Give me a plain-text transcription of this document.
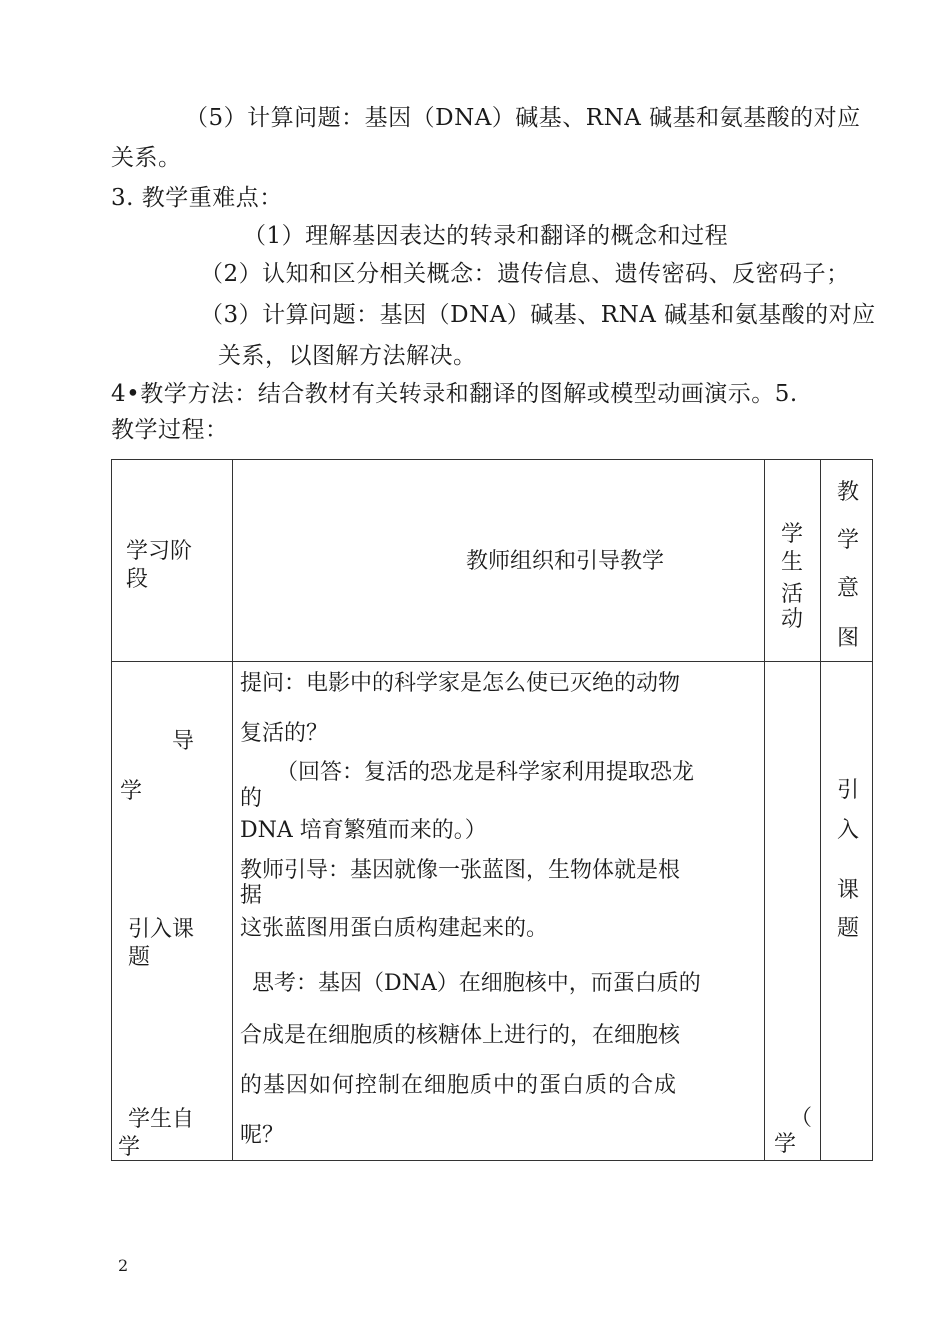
（5）计算问题：基因（DNA）碱基、RNA 碱基和氨基酸的对应
关系。
3. 教学重难点：
（1）理解基因表达的转录和翻译的概念和过程
（2）认知和区分相关概念：遗传信息、遗传密码、反密码子；
（3）计算问题：基因（DNA）碱基、RNA 碱基和氨基酸的对应
关系，以图解方法解决。
4•教学方法：结合教材有关转录和翻译的图解或模型动画演示。5.
教学过程：
学习阶
段
教师组织和引导教学
学
生
活
动
教
学
意
图
导
学
引入课
题
学生自
学
提问：电影中的科学家是怎么使已灭绝的动物
复活的？
（回答：复活的恐龙是科学家利用提取恐龙
的
DNA 培育繁殖而来的。）
教师引导：基因就像一张蓝图，生物体就是根
据
这张蓝图用蛋白质构建起来的。
思考：基因（DNA）在细胞核中，而蛋白质的
合成是在细胞质的核糖体上进行的，在细胞核
的基因如何控制在细胞质中的蛋白质的合成
呢？
（
学
引
入
课
题
2
